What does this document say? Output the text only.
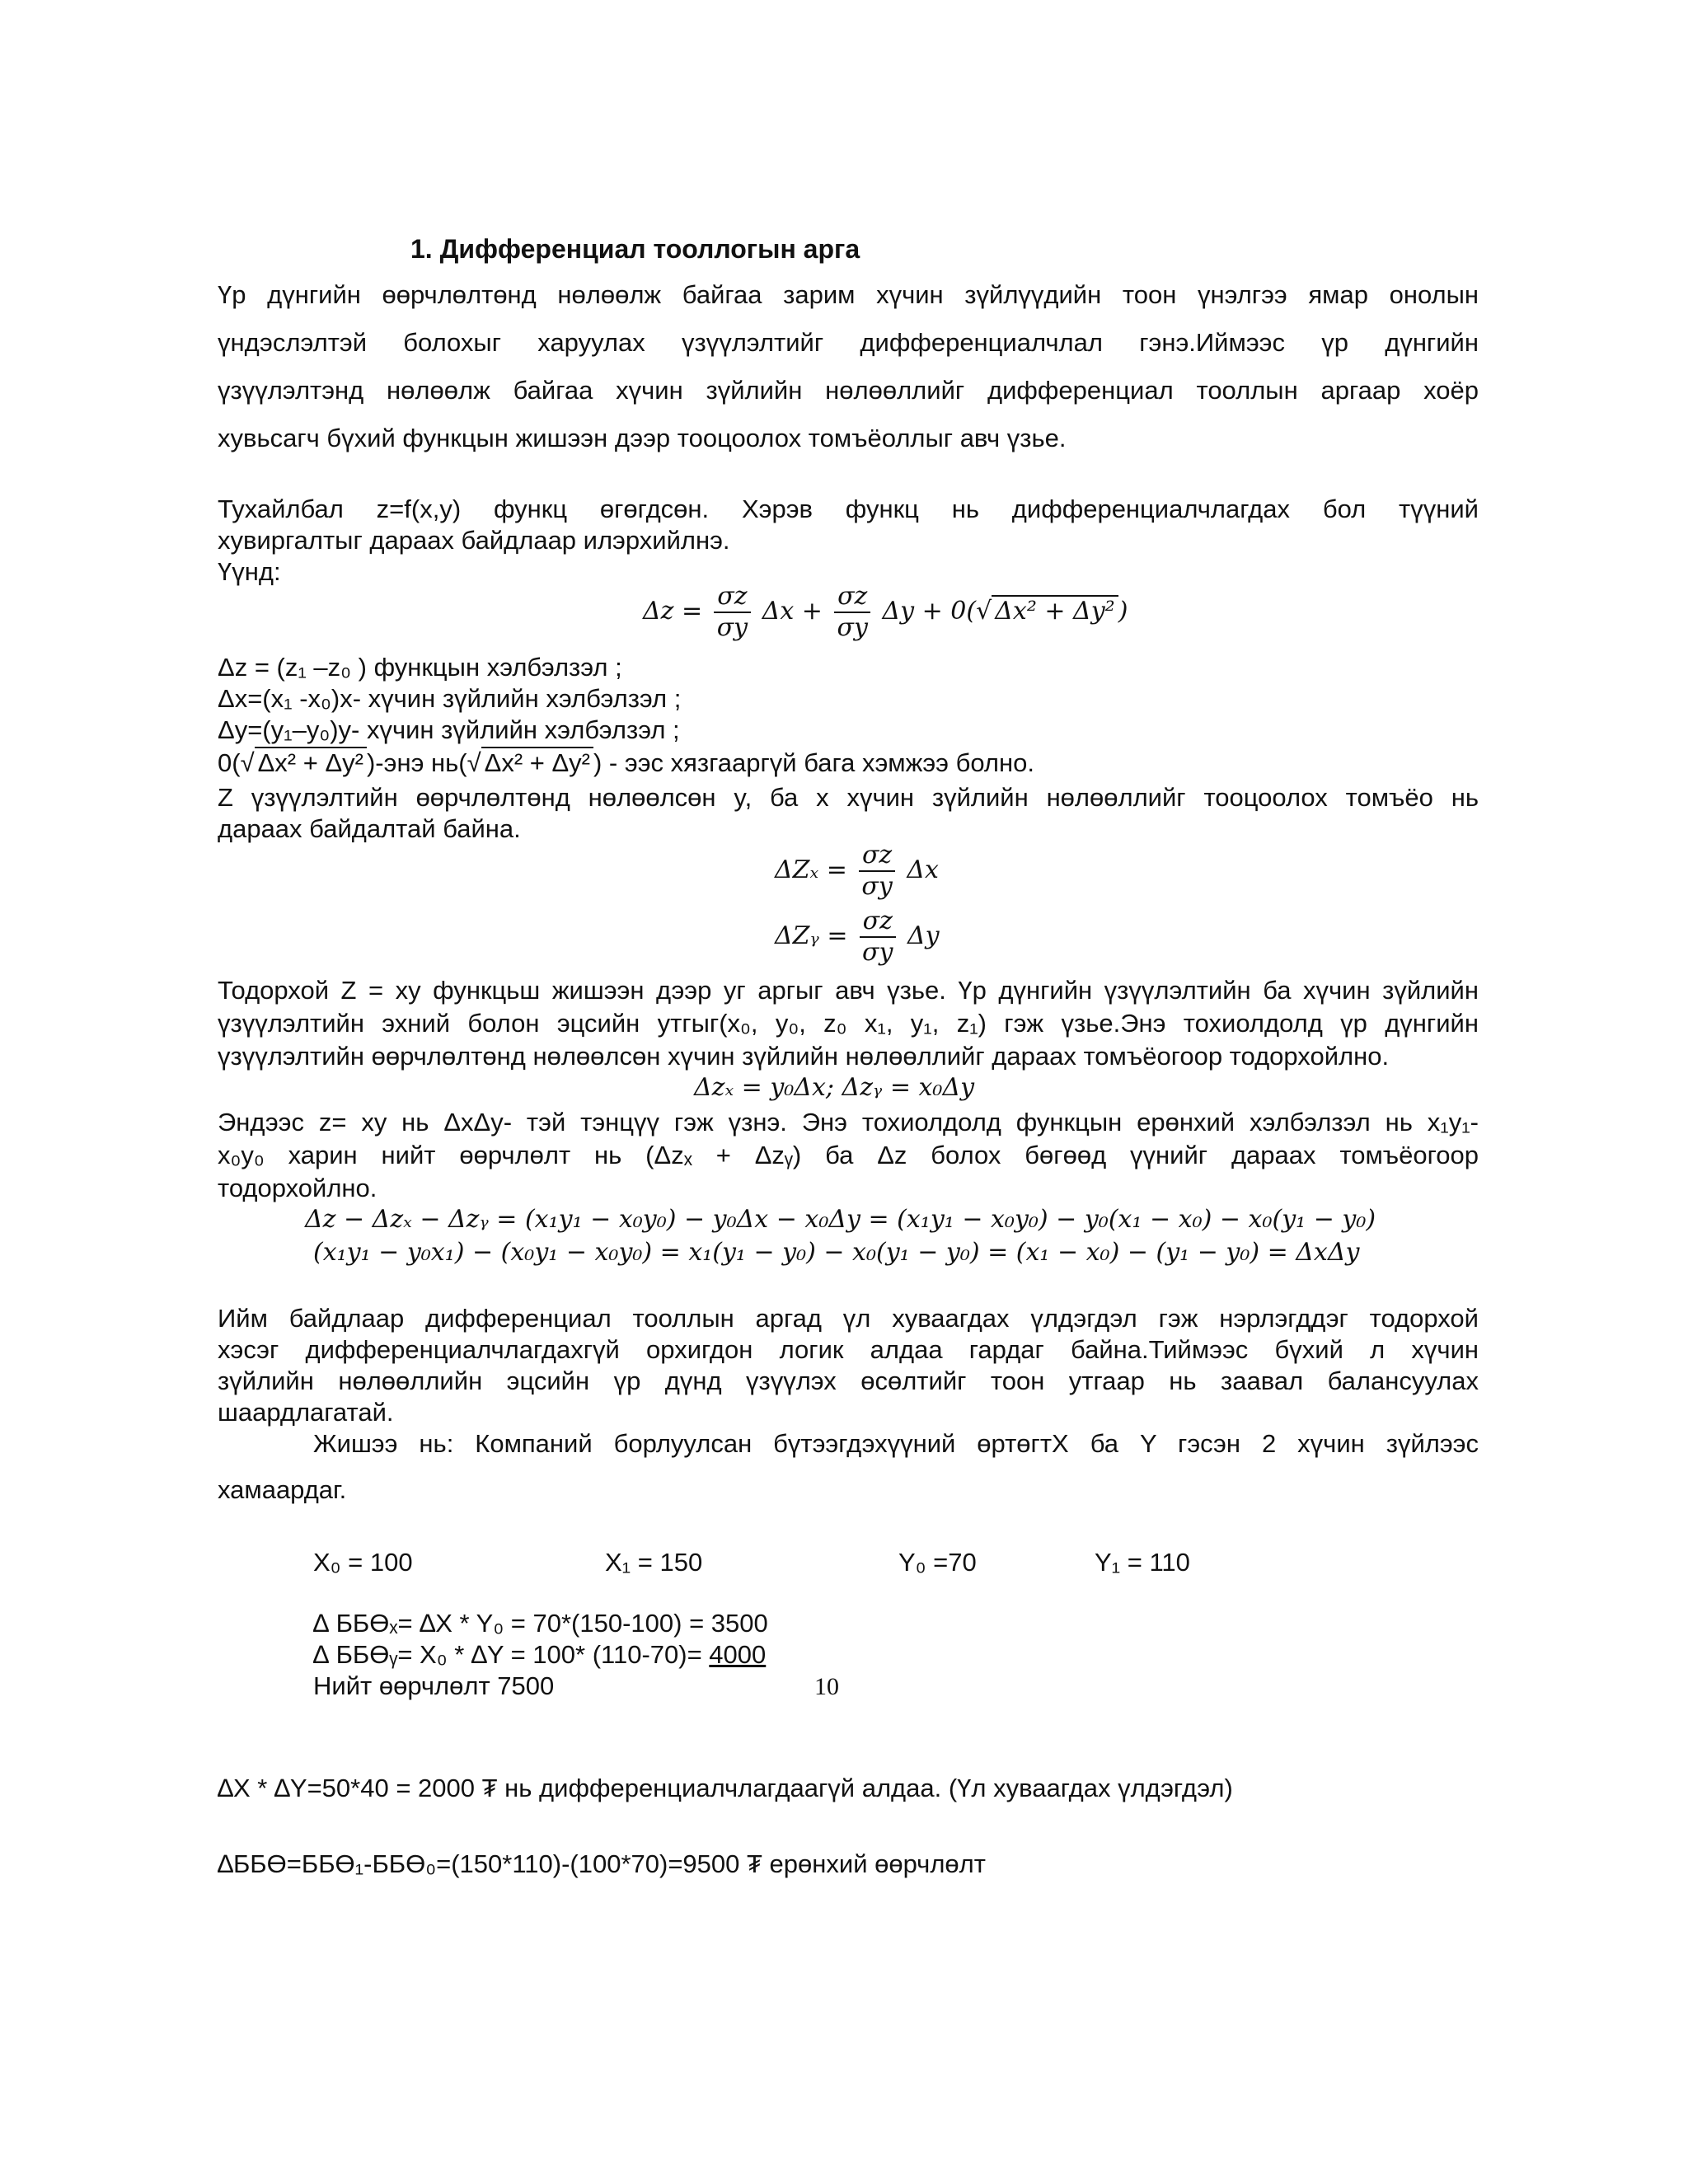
1. Дифференциал тооллогын арга
Үр дүнгийн өөрчлөлтөнд нөлөөлж байгаа зарим хүчин зүйлүүдийн тоон үнэлгээ ямар онолын
үндэслэлтэй болохыг харуулах үзүүлэлтийг дифференциалчлал гэнэ.Иймээс үр дүнгийн
үзүүлэлтэнд нөлөөлж байгаа хүчин зүйлийн нөлөөллийг дифференциал тооллын аргаар хоёр
хувьсагч бүхий функцын жишээн дээр тооцоолох томъёоллыг авч үзье.
Тухайлбал z=f(x,y) функц өгөгдсөн. Хэрэв функц нь дифференциалчлагдах бол түүний
хувиргалтыг дараах байдлаар илэрхийлнэ.
Үүнд:
$\Delta z = \frac{\sigma z}{\sigma y}$ $\Delta x + \frac{\sigma z}{\sigma y}$ Δy + 0(√ Δx² + Δy² )
Δz = (z₁ –z₀ ) функцын хэлбэлзэл ;
Δx=(x₁ -x₀)x- хүчин зүйлийн хэлбэлзэл ;
Δy=(y₁–y₀)y- хүчин зүйлийн хэлбэлзэл ;
0(√ Δx² + Δy² )-энэ нь(√ Δx² + Δy² ) - ээс хязгааргүй бага хэмжээ болно.
Z үзүүлэлтийн өөрчлөлтөнд нөлөөлсөн y, ба x хүчин зүйлийн нөлөөллийг тооцоолох томъёо нь
дараах байдалтай байна.
$\Delta Z_x = \frac{\sigma z}{\sigma y}$ Δx
ΔZᵧ = $\frac{\sigma z}{\sigma y}$ Δy
Тодорхой Z = xy функцьш жишээн дээр уг аргыг авч үзье. Үр дүнгийн үзүүлэлтийн ба хүчин зүйлийн
үзүүлэлтийн эхний болон эцсийн утгыг(x₀, y₀, z₀ x₁, y₁, z₁) гэж үзье.Энэ тохиолдолд үр дүнгийн
үзүүлэлтийн өөрчлөлтөнд нөлөөлсөн хүчин зүйлийн нөлөөллийг дараах томъёогоор тодорхойлно.
Δzₓ = y₀Δx; Δzᵧ = x₀Δy
Эндээс z= xy нь ΔxΔy- тэй тэнцүү гэж үзнэ. Энэ тохиолдолд функцын ерөнхий хэлбэлзэл нь x₁y₁-
x₀y₀ харин нийт өөрчлөлт нь (Δzₓ + Δzᵧ) ба Δz болох бөгөөд үүнийг дараах томъёогоор
тодорхойлно.
Δz − Δzₓ − Δzᵧ = (x₁y₁ − x₀y₀) − y₀Δx − x₀Δy = (x₁y₁ − x₀y₀) − y₀(x₁ − x₀) − x₀(y₁ − y₀)
(x₁y₁ − y₀x₁) − (x₀y₁ − x₀y₀) = x₁(y₁ − y₀) − x₀(y₁ − y₀) = (x₁ − x₀) − (y₁ − y₀) = ΔxΔy
Ийм байдлаар дифференциал тооллын аргад үл хуваагдах үлдэгдэл гэж нэрлэгддэг тодорхой
хэсэг дифференциалчлагдахгүй орхигдон логик алдаа гардаг байна.Тиймээс бүхий л хүчин
зүйлийн нөлөөллийн эцсийн үр дүнд үзүүлэх өсөлтийг тоон утгаар нь заавал балансуулах
шаардлагатай.
Жишээ нь: Компаний борлуулсан бүтээгдэхүүний өртөгтX ба Y гэсэн 2 хүчин зүйлээс
хамаардаг.
X₀ = 100	X₁ = 150	Y₀ =70	Y₁ = 110
∆ ББӨₓ= ∆X * Y₀ = 70*(150-100) = 3500
∆ ББӨᵧ= X₀ * ∆Y = 100* (110-70)= 4000
Нийт өөрчлөлт 7500	10
∆X * ∆Y=50*40 = 2000 ₮ нь дифференциалчлагдаагүй алдаа. (Үл хуваагдах үлдэгдэл)
∆ББӨ=ББӨ₁-ББӨ₀=(150*110)-(100*70)=9500 ₮ ерөнхий өөрчлөлт
